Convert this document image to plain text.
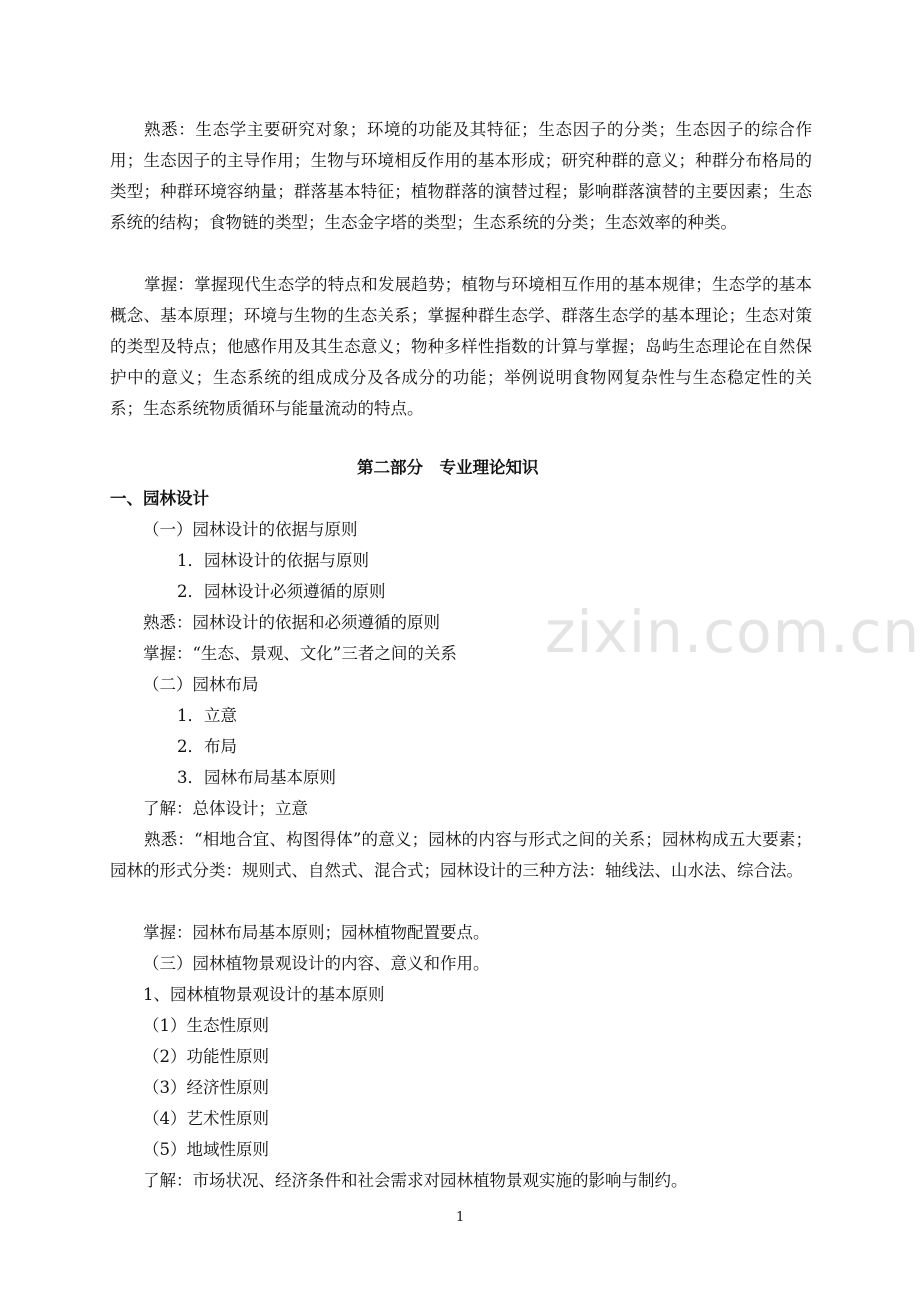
zixin.com.cn

熟悉：生态学主要研究对象；环境的功能及其特征；生态因子的分类；生态因子的综合作用；生态因子的主导作用；生物与环境相反作用的基本形成；研究种群的意义；种群分布格局的类型；种群环境容纳量；群落基本特征；植物群落的演替过程；影响群落演替的主要因素；生态系统的结构；食物链的类型；生态金字塔的类型；生态系统的分类；生态效率的种类。

掌握：掌握现代生态学的特点和发展趋势；植物与环境相互作用的基本规律；生态学的基本概念、基本原理；环境与生物的生态关系；掌握种群生态学、群落生态学的基本理论；生态对策的类型及特点；他感作用及其生态意义；物种多样性指数的计算与掌握；岛屿生态理论在自然保护中的意义；生态系统的组成成分及各成分的功能；举例说明食物网复杂性与生态稳定性的关系；生态系统物质循环与能量流动的特点。

第二部分　专业理论知识
一、园林设计
（一）园林设计的依据与原则
1．园林设计的依据与原则
2．园林设计必须遵循的原则
熟悉：园林设计的依据和必须遵循的原则
掌握：“生态、景观、文化”三者之间的关系
（二）园林布局
1．立意
2．布局
3．园林布局基本原则
了解：总体设计；立意

熟悉：“相地合宜、构图得体”的意义；园林的内容与形式之间的关系；园林构成五大要素；园林的形式分类：规则式、自然式、混合式；园林设计的三种方法：轴线法、山水法、综合法。

掌握：园林布局基本原则；园林植物配置要点。
（三）园林植物景观设计的内容、意义和作用。
1、园林植物景观设计的基本原则
（1）生态性原则
（2）功能性原则
（3）经济性原则
（4）艺术性原则
（5）地域性原则
了解：市场状况、经济条件和社会需求对园林植物景观实施的影响与制约。
1
